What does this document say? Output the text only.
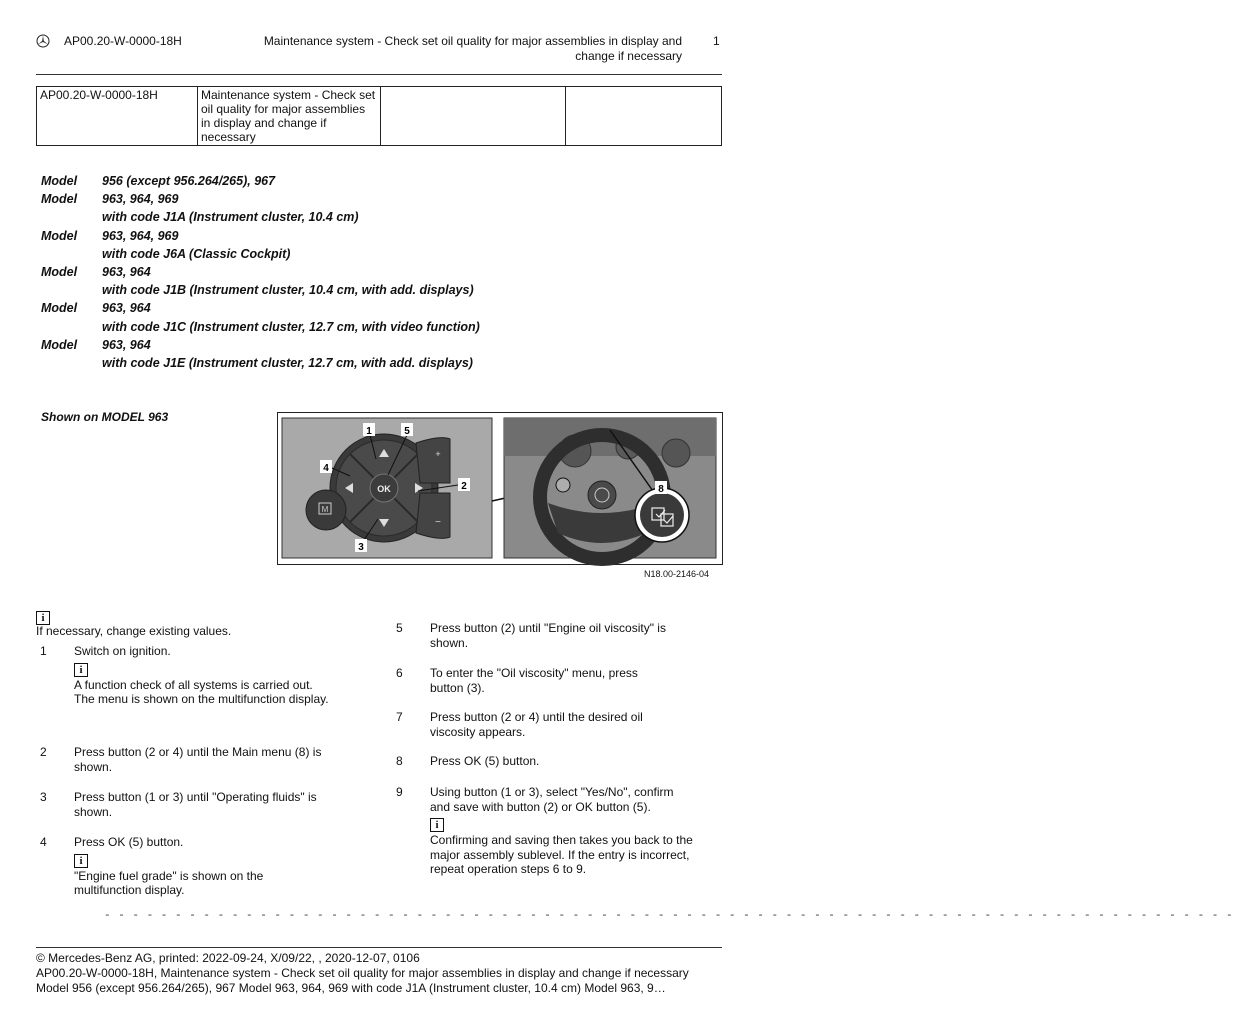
AP00.20-W-0000-18H	Maintenance system - Check set oil quality for major assemblies in display and change if necessary
1
AP00.20-W-0000-18H	Maintenance system - Check set oil quality for major assemblies in display and change if necessary		
Model	956 (except 956.264/265), 967
Model	963, 964, 969
with code J1A (Instrument cluster, 10.4 cm)
Model	963, 964, 969
with code J6A (Classic Cockpit)
Model	963, 964
with code J1B (Instrument cluster, 10.4 cm, with add. displays)
Model	963, 964
with code J1C (Instrument cluster, 12.7 cm, with video function)
Model	963, 964
with code J1E (Instrument cluster, 12.7 cm, with add. displays)
Shown on MODEL 963
OK
+
−
M
1	5
4
2
3
8
N18.00-2146-04
i
If necessary, change existing values.
1 Switch on ignition.
i
A function check of all systems is carried out. The menu is shown on the multifunction display.
2 Press button (2 or 4) until the Main menu (8) is shown.
3 Press button (1 or 3) until "Operating fluids" is shown.
4 Press OK (5) button.
i
"Engine fuel grade" is shown on the multifunction display.
5 Press button (2) until "Engine oil viscosity" is shown.
6 To enter the "Oil viscosity" menu, press button (3).
7 Press button (2 or 4) until the desired oil viscosity appears.
8 Press OK (5) button.
9 Using button (1 or 3), select "Yes/No", confirm and save with button (2) or OK button (5).
i
Confirming and saving then takes you back to the major assembly sublevel. If the entry is incorrect, repeat operation steps 6 to 9.
- - - - - - - - - - - - - - - - - - - - - - - - - - - - - - - - - - - - - - - - - - - - - - - - - - - - - - - - - - - - - - - - - - - - - - - - - - - - - - - -
© Mercedes-Benz AG, printed: 2022-09-24, X/09/22, , 2020-12-07, 0106
AP00.20-W-0000-18H, Maintenance system - Check set oil quality for major assemblies in display and change if necessary
Model 956 (except 956.264/265), 967 Model 963, 964, 969 with code J1A (Instrument cluster, 10.4 cm) Model 963, 9…
